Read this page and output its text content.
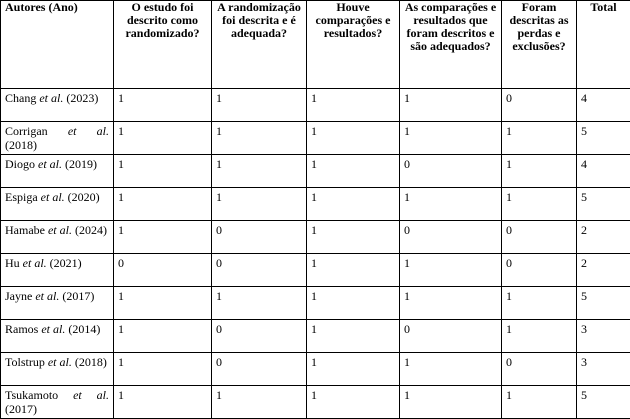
Autores (Ano)	O estudo foi descrito como randomizado?	A randomização foi descrita e é adequada?	Houve comparações e resultados?	As comparações e resultados que foram descritos e são adequados?	Foram descritas as perdas e exclusões?	Total
Chang et al. (2023)	1	1	1	1	0	4
Corrigan et al. (2018)	1	1	1	1	1	5
Diogo et al. (2019)	1	1	1	0	1	4
Espiga et al. (2020)	1	1	1	1	1	5
Hamabe et al. (2024)	1	0	1	0	0	2
Hu et al. (2021)	0	0	1	1	0	2
Jayne et al. (2017)	1	1	1	1	1	5
Ramos et al. (2014)	1	0	1	0	1	3
Tolstrup et al. (2018)	1	0	1	1	0	3
Tsukamoto et al. (2017)	1	1	1	1	1	5
